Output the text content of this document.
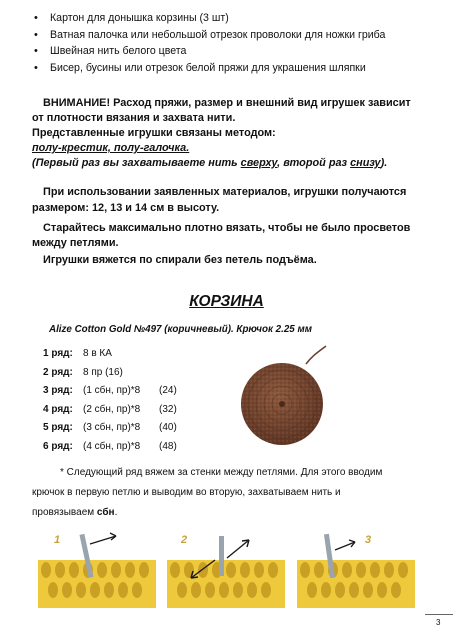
• Картон для донышка корзины (3 шт)
• Ватная палочка или небольшой отрезок проволоки для ножки гриба
• Швейная нить белого цвета
• Бисер, бусины или отрезок белой пряжи для украшения шляпки
ВНИМАНИЕ! Расход пряжи, размер и внешний вид игрушек зависит
от плотности вязания и захвата нити.
Представленные игрушки связаны методом:
полу-крестик, полу-галочка.
(Первый раз вы захватываете нить сверху, второй раз снизу).
При использовании заявленных материалов, игрушки получаются
размером: 12, 13 и 14 см в высоту.
Старайтесь максимально плотно вязать, чтобы не было просветов
между петлями.
Игрушки вяжется по спирали без петель подъёма.
КОРЗИНА
Alize Cotton Gold №497 (коричневый). Крючок 2.25 мм
1 ряд: 8 в КА
2 ряд: 8 пр (16)
3 ряд: (1 сбн, пр)*8 (24)
4 ряд: (2 сбн, пр)*8 (32)
5 ряд: (3 сбн, пр)*8 (40)
6 ряд: (4 сбн, пр)*8 (48)
* Следующий ряд вяжем за стенки между петлями. Для этого вводим
крючок в первую петлю и выводим во вторую, захватываем нить и
провязываем сбн.
1	2	3
3
